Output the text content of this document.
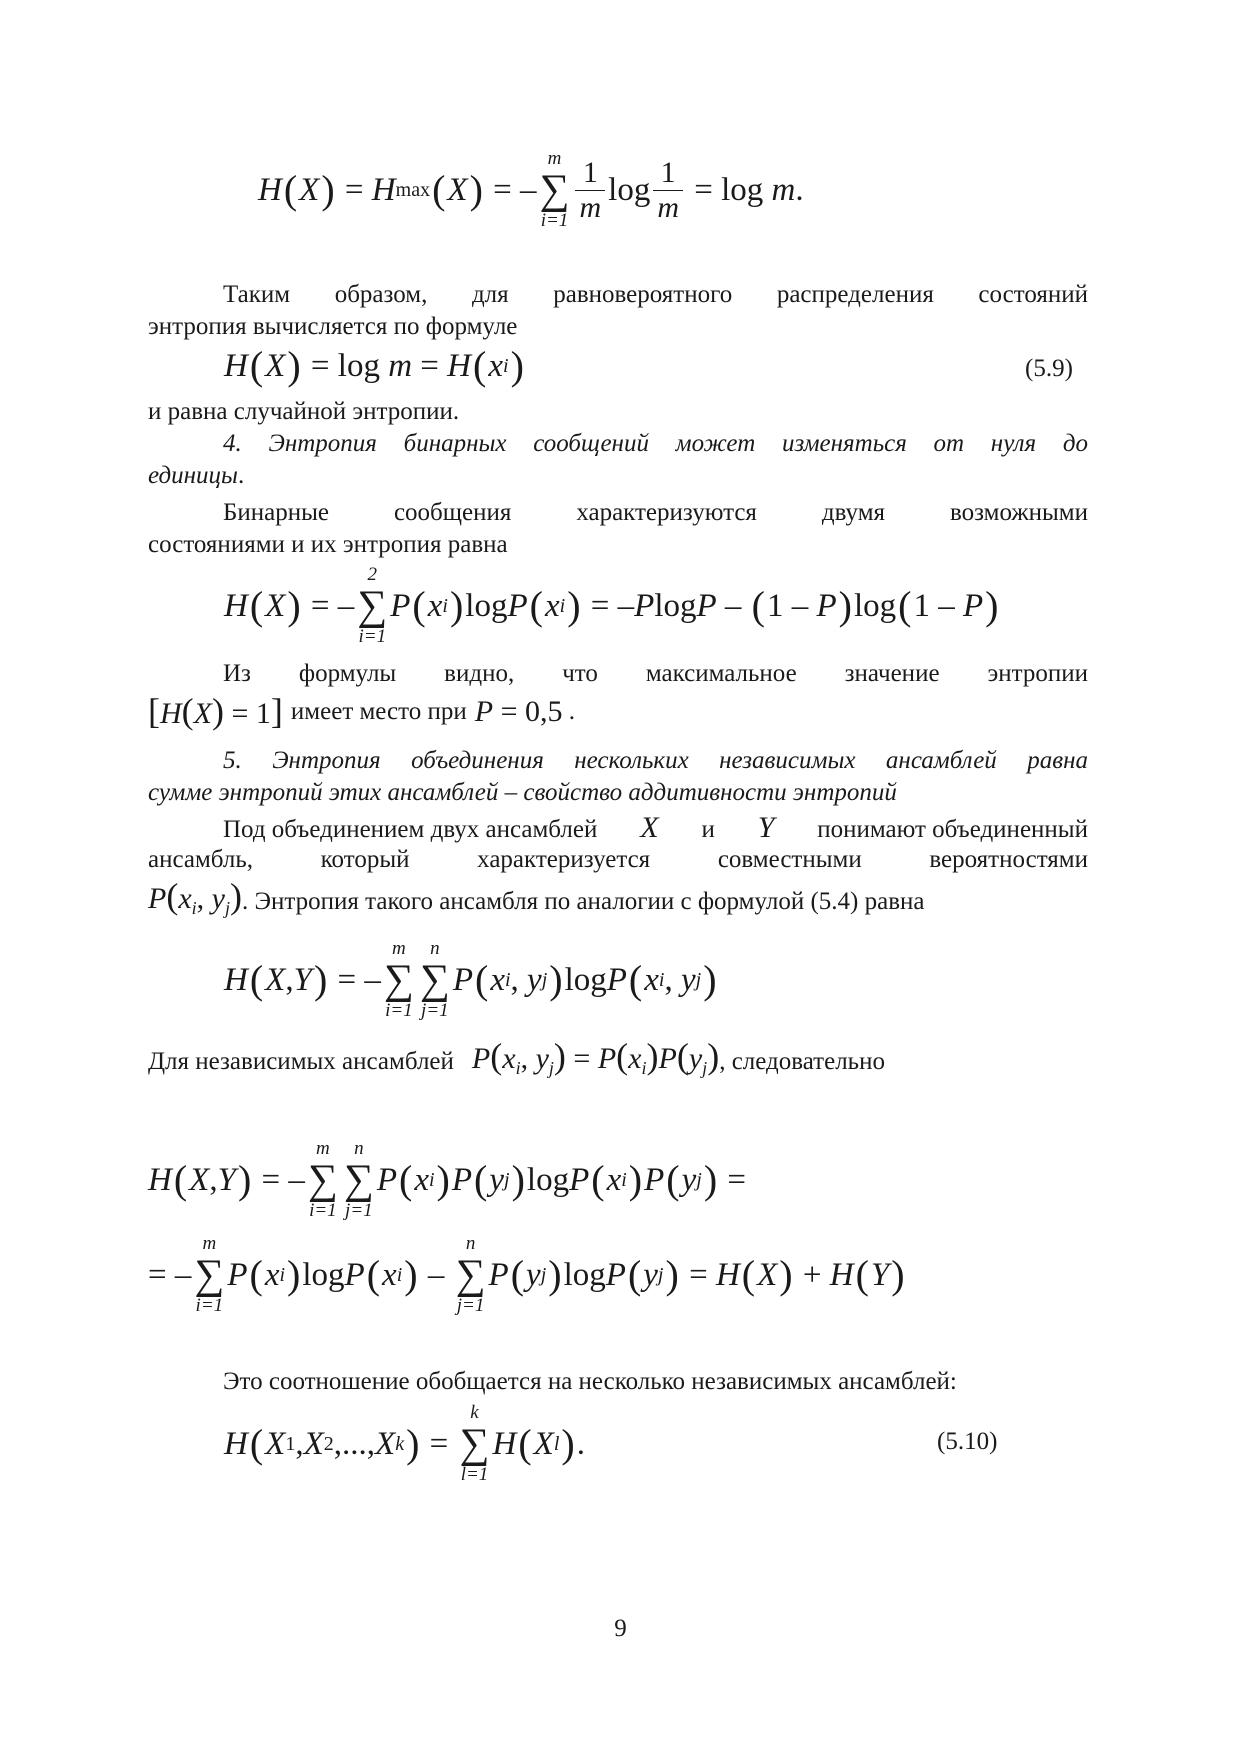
H ( X ) = H max ( X ) = –
m
∑
$i=1 \frac{1}{m}$ $\log \frac{1}{m} = \log m$ .
Таким образом, для равновероятного распределения состояний
энтропия вычисляется по формуле
H ( X ) = log m = H ( x i )	(5.9)
и равна случайной энтропии.
4. Энтропия бинарных сообщений может изменяться от нуля до
единицы.
Бинарные сообщения характеризуются двумя возможными
состояниями и их энтропия равна
H ( X ) = –
2
∑
i=1
P ( x i ) log P ( x i ) = – P log P – ( 1 – P ) log ( 1 – P )
Из формулы видно, что максимальное значение энтропии
[H(X) = 1] имеет место при P = 0,5 .
5. Энтропия объединения нескольких независимых ансамблей равна
сумме энтропий этих ансамблей – свойство аддитивности энтропий
Под объединением двух ансамблей X и Y понимают объединенный
ансамбль, который характеризуется совместными вероятностями
$P(x_i$, $y_j$) . Энтропия такого ансамбля по аналогии с формулой (5.4) равна
H ( X , Y ) = –
m
∑
i=1
n
∑
j=1
P ( x i , y j ) log P ( x i , y j )
Для независимых ансамблей $P(x_i$, $y_j) = P(x_i)P(y_j)$ , следовательно
H ( X , Y ) = –
m
∑
i=1
n
∑
j=1
P ( x i ) P ( y j ) log P ( x i ) P ( y j ) =
= –
m
∑
i=1
P ( x i ) log P ( x i ) –
n
∑
j=1
P ( y j ) log P ( y j ) = H ( X ) + H ( Y )
Это соотношение обобщается на несколько независимых ансамблей:
H ( X 1 , X 2 ,..., X k ) =
k
∑
l=1
H ( X l ) .	(5.10)
9
